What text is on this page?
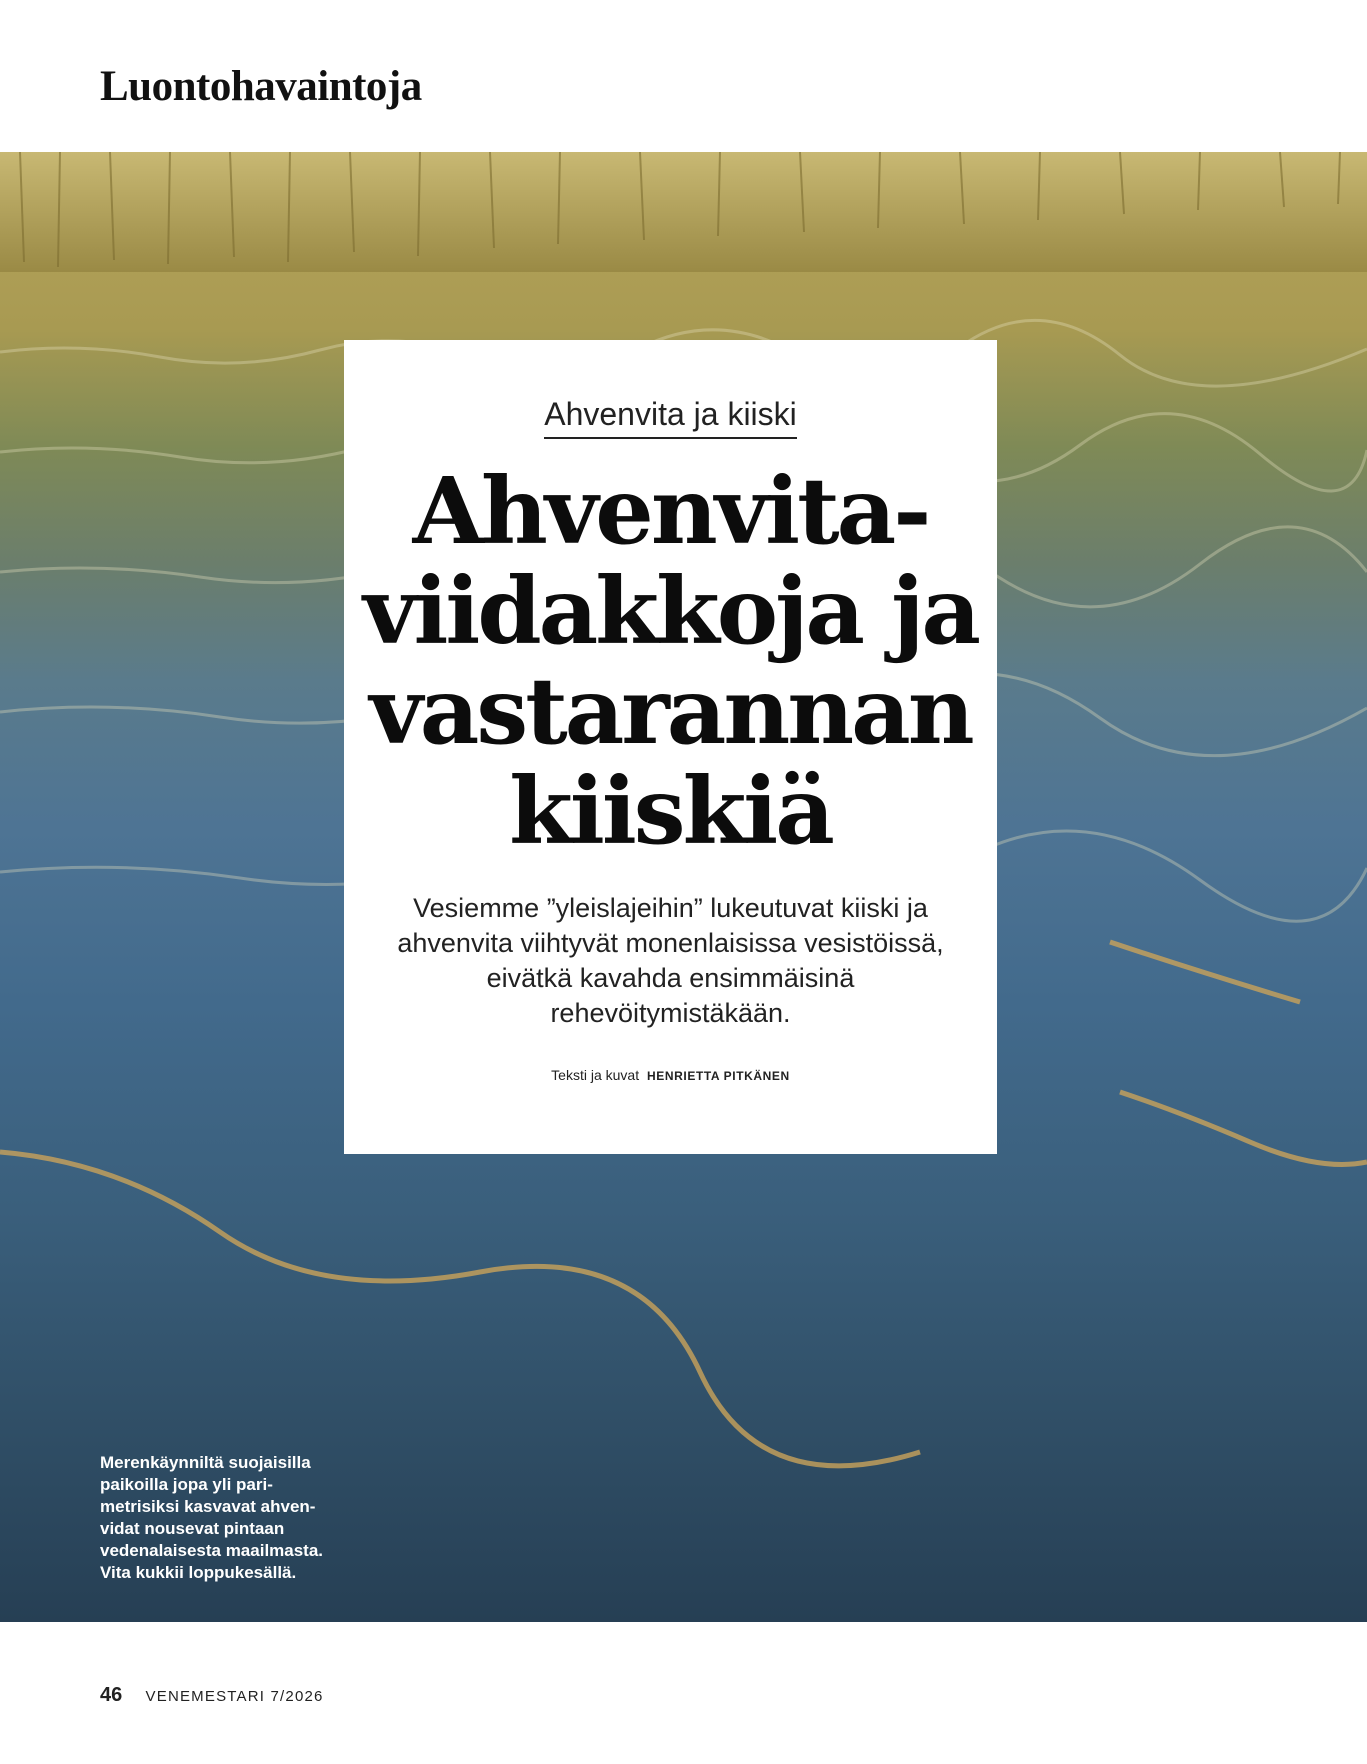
Luontohavaintoja
Ahvenvita ja kiiski
Ahvenvita-
viidakkoja ja
vastarannan
kiiskiä

Vesiemme ”yleislajeihin” lukeutuvat kiiski ja ahvenvita viihtyvät monenlaisissa vesistöissä, eivätkä kavahda ensimmäisinä rehevöitymistäkään.

Teksti ja kuvat HENRIETTA PITKÄNEN
Merenkäynniltä suojaisilla
paikoilla jopa yli pari-
metrisiksi kasvavat ahven-
vidat nousevat pintaan
vedenalaisesta maailmasta.
Vita kukkii loppukesällä.
46 VENEMESTARI 7/2026
